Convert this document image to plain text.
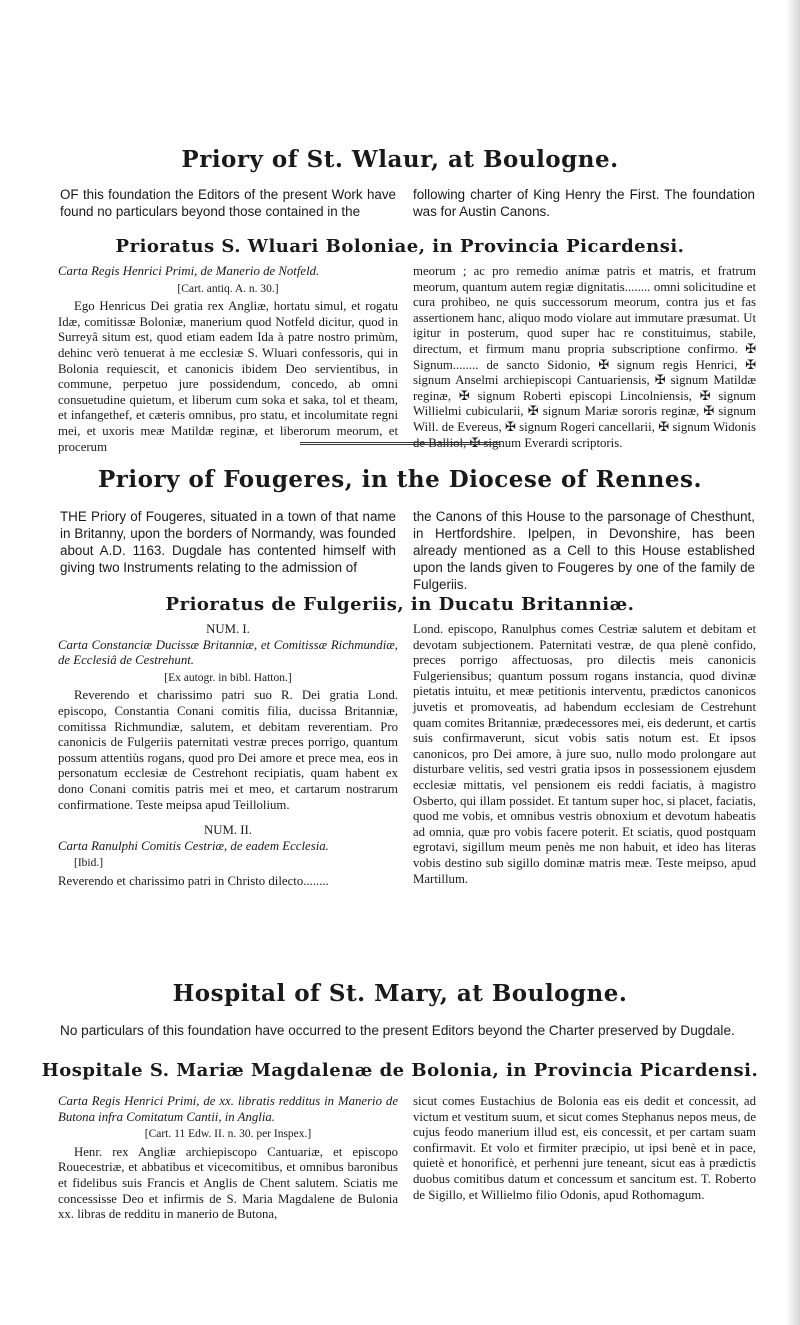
Priory of St. Wlaur, at Boulogne.
OF this foundation the Editors of the present Work have found no particulars beyond those contained in the
following charter of King Henry the First. The foundation was for Austin Canons.
Prioratus S. Wluari Boloniae, in Provincia Picardensi.

Carta Regis Henrici Primi, de Manerio de Notfeld.

[Cart. antiq. A. n. 30.]

Ego Henricus Dei gratia rex Angliæ, hortatu simul, et rogatu Idæ, comitissæ Boloniæ, manerium quod Notfeld dicitur, quod in Surreyâ situm est, quod etiam eadem Ida à patre nostro primùm, dehinc verò tenuerat à me ecclesiæ S. Wluari confessoris, qui in Bolonia requiescit, et canonicis ibidem Deo servientibus, in commune, perpetuo jure possidendum, concedo, ab omni consuetudine quietum, et liberum cum soka et saka, tol et theam, et infangethef, et cæteris omnibus, pro statu, et incolumitate regni mei, et uxoris meæ Matildæ reginæ, et liberorum meorum, et procerum

meorum ; ac pro remedio animæ patris et matris, et fratrum meorum, quantum autem regiæ dignitatis........ omni solicitudine et cura prohibeo, ne quis successorum meorum, contra jus et fas assertionem hanc, aliquo modo violare aut immutare præsumat. Ut igitur in posterum, quod super hac re constituimus, stabile, directum, et firmum manu propria subscriptione confirmo. ✠ Signum........ de sancto Sidonio, ✠ signum regis Henrici, ✠ signum Anselmi archiepiscopi Cantuariensis, ✠ signum Matildæ reginæ, ✠ signum Roberti episcopi Lincolniensis, ✠ signum Willielmi cubicularii, ✠ signum Mariæ sororis reginæ, ✠ signum Will. de Evereus, ✠ signum Rogeri cancellarii, ✠ signum Widonis de Balliol, ✠ signum Everardi scriptoris.

Priory of Fougeres, in the Diocese of Rennes.
THE Priory of Fougeres, situated in a town of that name in Britanny, upon the borders of Normandy, was founded about A.D. 1163. Dugdale has contented himself with giving two Instruments relating to the admission of
the Canons of this House to the parsonage of Chesthunt, in Hertfordshire. Ipelpen, in Devonshire, has been already mentioned as a Cell to this House established upon the lands given to Fougeres by one of the family de Fulgeriis.
Prioratus de Fulgeriis, in Ducatu Britanniæ.

NUM. I.

Carta Constanciæ Ducissæ Britanniæ, et Comitissæ Richmundiæ, de Ecclesiâ de Cestrehunt.

[Ex autogr. in bibl. Hatton.]

Reverendo et charissimo patri suo R. Dei gratia Lond. episcopo, Constantia Conani comitis filia, ducissa Britanniæ, comitissa Richmundiæ, salutem, et debitam reverentiam. Pro canonicis de Fulgeriis paternitati vestræ preces porrigo, quantum possum attentiùs rogans, quod pro Dei amore et prece mea, eos in personatum ecclesiæ de Cestrehont recipiatis, quam habent ex dono Conani comitis patris mei et meo, et cartarum nostrarum confirmatione. Teste meipsa apud Teillolium.

NUM. II.

Carta Ranulphi Comitis Cestriæ, de eadem Ecclesia.

[Ibid.]

Reverendo et charissimo patri in Christo dilecto........

Lond. episcopo, Ranulphus comes Cestriæ salutem et debitam et devotam subjectionem. Paternitati vestræ, de qua plenè confido, preces porrigo affectuosas, pro dilectis meis canonicis Fulgeriensibus; quantum possum rogans instancia, quod divinæ pietatis intuitu, et meæ petitionis interventu, prædictos canonicos juvetis et promoveatis, ad habendum ecclesiam de Cestrehunt quam comites Britanniæ, prædecessores mei, eis dederunt, et cartis suis confirmaverunt, sicut vobis satis notum est. Et ipsos canonicos, pro Dei amore, à jure suo, nullo modo prolongare aut disturbare velitis, sed vestri gratia ipsos in possessionem ejusdem ecclesiæ mittatis, vel pensionem eis reddi faciatis, à magistro Osberto, qui illam possidet. Et tantum super hoc, si placet, faciatis, quod me vobis, et omnibus vestris obnoxium et devotum habeatis ad omnia, quæ pro vobis facere poterit. Et sciatis, quod postquam egrotavi, sigillum meum penès me non habuit, et ideo has literas vobis destino sub sigillo dominæ matris meæ. Teste meipso, apud Martillum.

Hospital of St. Mary, at Boulogne.
No particulars of this foundation have occurred to the present Editors beyond the Charter preserved by Dugdale.
Hospitale S. Mariæ Magdalenæ de Bolonia, in Provincia Picardensi.

Carta Regis Henrici Primi, de xx. libratis redditus in Manerio de Butona infra Comitatum Cantii, in Anglia.

[Cart. 11 Edw. II. n. 30. per Inspex.]

Henr. rex Angliæ archiepiscopo Cantuariæ, et episcopo Rouecestriæ, et abbatibus et vicecomitibus, et omnibus baronibus et fidelibus suis Francis et Anglis de Chent salutem. Sciatis me concessisse Deo et infirmis de S. Maria Magdalene de Bulonia xx. libras de redditu in manerio de Butona,

sicut comes Eustachius de Bolonia eas eis dedit et concessit, ad victum et vestitum suum, et sicut comes Stephanus nepos meus, de cujus feodo manerium illud est, eis concessit, et per cartam suam confirmavit. Et volo et firmiter præcipio, ut ipsi benè et in pace, quietè et honorificè, et perhenni jure teneant, sicut eas à prædictis duobus comitibus datum et concessum et sancitum est. T. Roberto de Sigillo, et Willielmo filio Odonis, apud Rothomagum.
